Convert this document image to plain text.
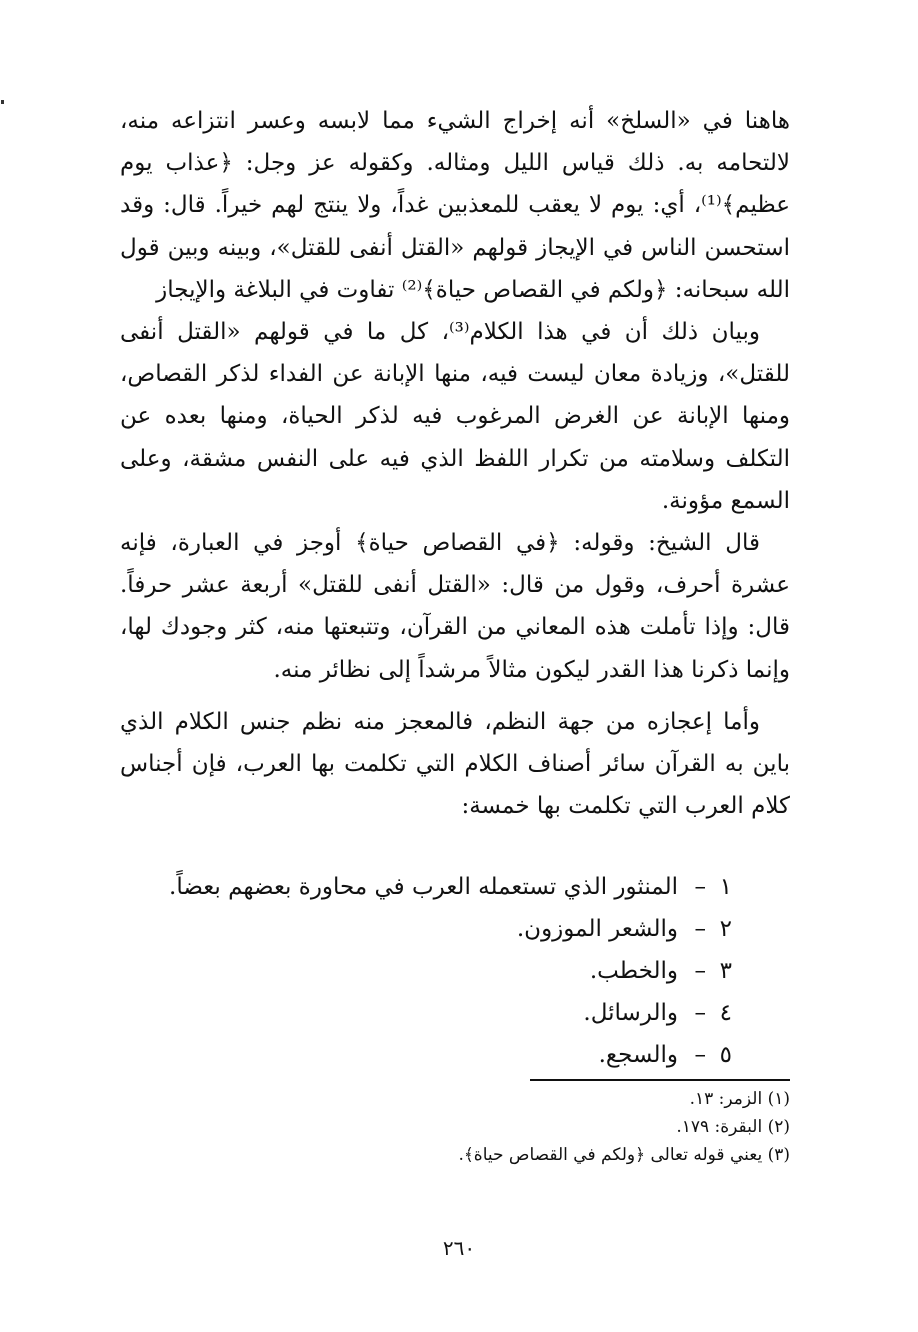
هاهنا في «السلخ» أنه إخراج الشيء مما لابسه وعسر انتزاعه منه، لالتحامه به. ذلك قياس الليل ومثاله. وكقوله عز وجل: ﴿عذاب يوم عظيم﴾⁽¹⁾، أي: يوم لا يعقب للمعذبين غداً، ولا ينتج لهم خيراً. قال: وقد استحسن الناس في الإيجاز قولهم «القتل أنفى للقتل»، وبينه وبين قول الله سبحانه: ﴿ولكم في القصاص حياة﴾⁽²⁾ تفاوت في البلاغة والإيجاز

وبيان ذلك أن في هذا الكلام⁽³⁾، كل ما في قولهم «القتل أنفى للقتل»، وزيادة معان ليست فيه، منها الإبانة عن الفداء لذكر القصاص، ومنها الإبانة عن الغرض المرغوب فيه لذكر الحياة، ومنها بعده عن التكلف وسلامته من تكرار اللفظ الذي فيه على النفس مشقة، وعلى السمع مؤونة.

قال الشيخ: وقوله: ﴿في القصاص حياة﴾ أوجز في العبارة، فإنه عشرة أحرف، وقول من قال: «القتل أنفى للقتل» أربعة عشر حرفاً. قال: وإذا تأملت هذه المعاني من القرآن، وتتبعتها منه، كثر وجودك لها، وإنما ذكرنا هذا القدر ليكون مثالاً مرشداً إلى نظائر منه.

وأما إعجازه من جهة النظم، فالمعجز منه نظم جنس الكلام الذي باين به القرآن سائر أصناف الكلام التي تكلمت بها العرب، فإن أجناس كلام العرب التي تكلمت بها خمسة:

١–المنثور الذي تستعمله العرب في محاورة بعضهم بعضاً.
٢–والشعر الموزون.
٣–والخطب.
٤–والرسائل.
٥–والسجع.
(١) الزمر: ١٣.
(٢) البقرة: ١٧٩.
(٣) يعني قوله تعالى ﴿ولكم في القصاص حياة﴾.
٢٦٠
